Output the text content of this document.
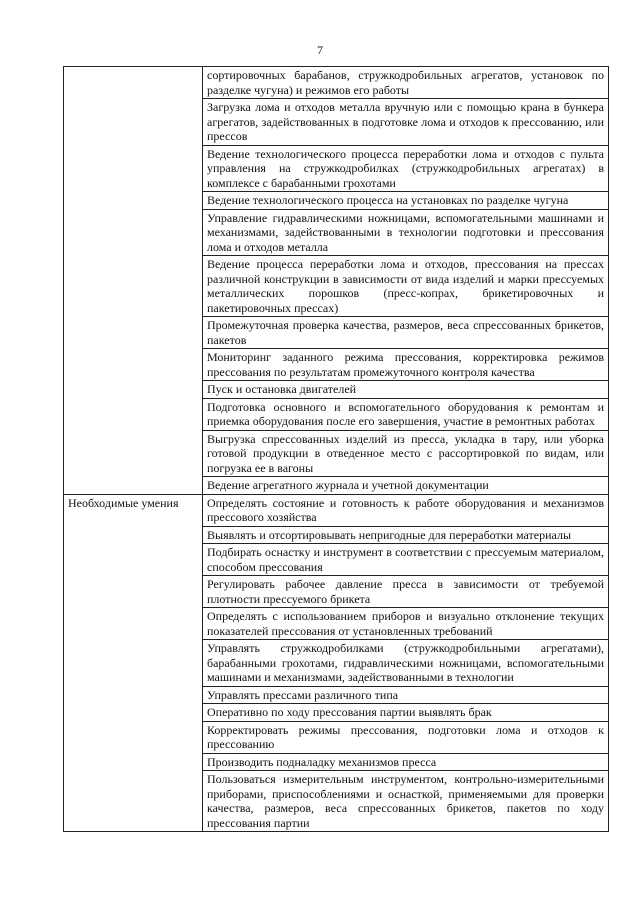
7
	сортировочных барабанов, стружкодробильных агрегатов, установок по разделке чугуна) и режимов его работы
	Загрузка лома и отходов металла вручную или с помощью крана в бункера агрегатов, задействованных в подготовке лома и отходов к прессованию, или прессов
	Ведение технологического процесса переработки лома и отходов с пульта управления на стружкодробилках (стружкодробильных агрегатах) в комплексе с барабанными грохотами
	Ведение технологического процесса на установках по разделке чугуна
	Управление гидравлическими ножницами, вспомогательными машинами и механизмами, задействованными в технологии подготовки и прессования лома и отходов металла
	Ведение процесса переработки лома и отходов, прессования на прессах различной конструкции в зависимости от вида изделий и марки прессуемых металлических порошков (пресс-копрах, брикетировочных и пакетировочных прессах)
	Промежуточная проверка качества, размеров, веса спрессованных брикетов, пакетов
	Мониторинг заданного режима прессования, корректировка режимов прессования по результатам промежуточного контроля качества
	Пуск и остановка двигателей
	Подготовка основного и вспомогательного оборудования к ремонтам и приемка оборудования после его завершения, участие в ремонтных работах
	Выгрузка спрессованных изделий из пресса, укладка в тару, или уборка готовой продукции в отведенное место с рассортировкой по видам, или погрузка ее в вагоны
	Ведение агрегатного журнала и учетной документации
Необходимые умения	Определять состояние и готовность к работе оборудования и механизмов прессового хозяйства
	Выявлять и отсортировывать непригодные для переработки материалы
	Подбирать оснастку и инструмент в соответствии с прессуемым материалом, способом прессования
	Регулировать рабочее давление пресса в зависимости от требуемой плотности прессуемого брикета
	Определять с использованием приборов и визуально отклонение текущих показателей прессования от установленных требований
	Управлять стружкодробилками (стружкодробильными агрегатами), барабанными грохотами, гидравлическими ножницами, вспомогательными машинами и механизмами, задействованными в технологии
	Управлять прессами различного типа
	Оперативно по ходу прессования партии выявлять брак
	Корректировать режимы прессования, подготовки лома и отходов к прессованию
	Производить подналадку механизмов пресса
	Пользоваться измерительным инструментом, контрольно-измерительными приборами, приспособлениями и оснасткой, применяемыми для проверки качества, размеров, веса спрессованных брикетов, пакетов по ходу прессования партии
